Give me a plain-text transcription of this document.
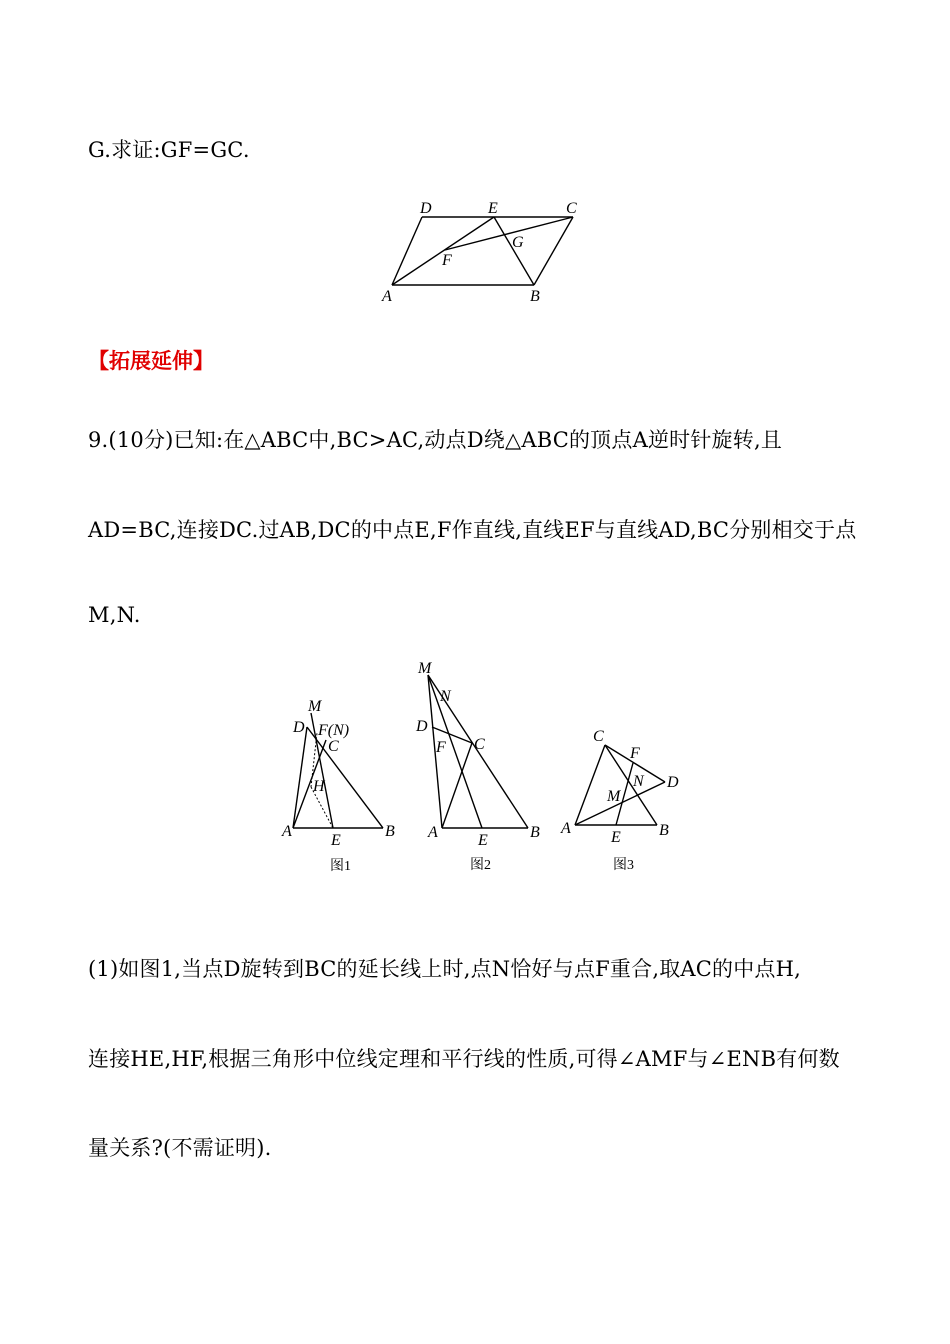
G.求证:GF=GC.
D	E	C
F
G
A	B
【拓展延伸】
9.(10分)已知:在△ABC中,BC>AC,动点D绕△ABC的顶点A逆时针旋转,且
AD=BC,连接DC.过AB,DC的中点E,F作直线,直线EF与直线AD,BC分别相交于点
M,N.
M
D F(N)
C
H
A
E
B
图1
M
N
D
F C
A	E	B
图2
C
F
N D
M
A
E B
图3
(1)如图1,当点D旋转到BC的延长线上时,点N恰好与点F重合,取AC的中点H,
连接HE,HF,根据三角形中位线定理和平行线的性质,可得∠AMF与∠ENB有何数
量关系?(不需证明).
